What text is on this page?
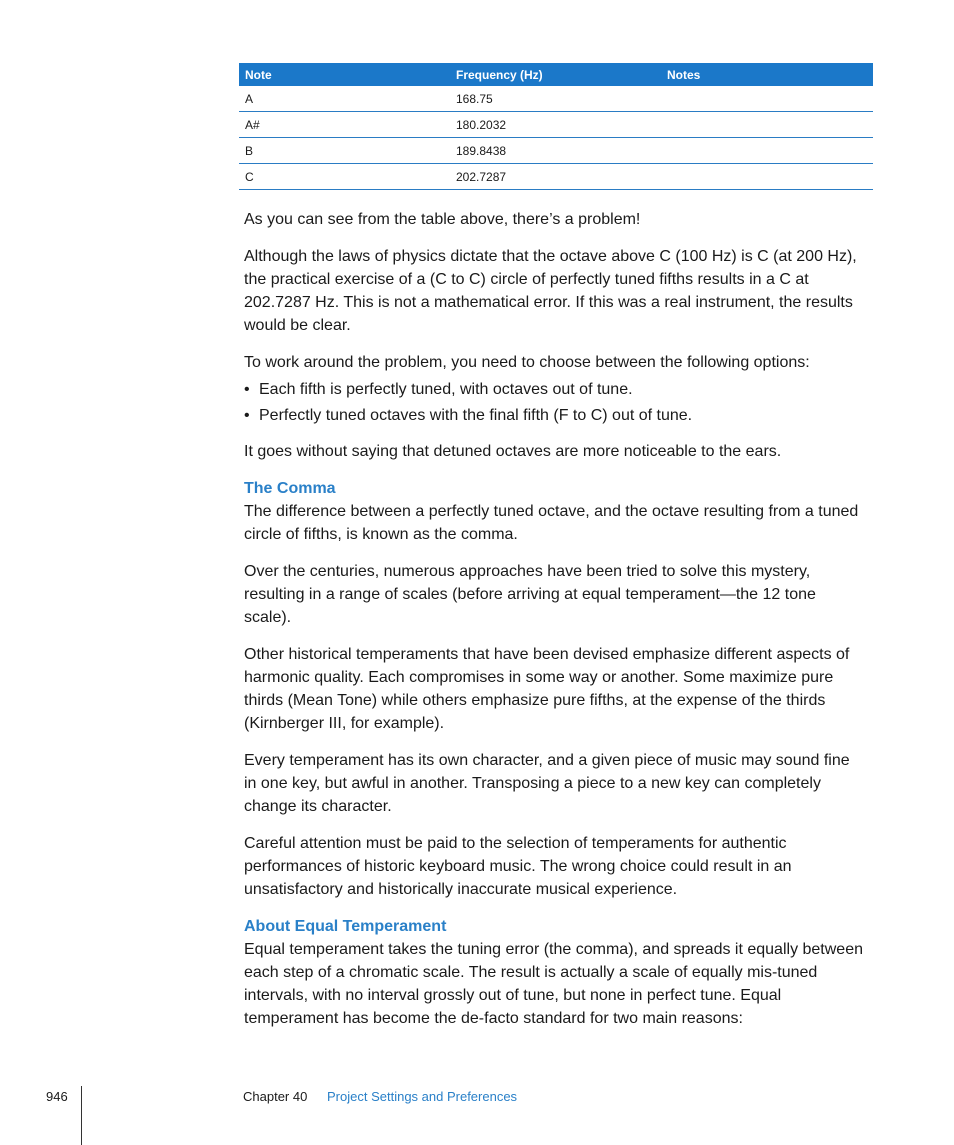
Note	Frequency (Hz)	Notes
A	168.75	
A#	180.2032	
B	189.8438	
C	202.7287	

As you can see from the table above, there’s a problem!

Although the laws of physics dictate that the octave above C (100 Hz) is C (at 200 Hz), the practical exercise of a (C to C) circle of perfectly tuned fifths results in a C at 202.7287 Hz. This is not a mathematical error. If this was a real instrument, the results would be clear.

To work around the problem, you need to choose between the following options:

• Each fifth is perfectly tuned, with octaves out of tune.
• Perfectly tuned octaves with the final fifth (F to C) out of tune.

It goes without saying that detuned octaves are more noticeable to the ears.

The Comma

The difference between a perfectly tuned octave, and the octave resulting from a tuned circle of fifths, is known as the comma.

Over the centuries, numerous approaches have been tried to solve this mystery, resulting in a range of scales (before arriving at equal temperament—the 12 tone scale).

Other historical temperaments that have been devised emphasize different aspects of harmonic quality. Each compromises in some way or another. Some maximize pure thirds (Mean Tone) while others emphasize pure fifths, at the expense of the thirds (Kirnberger III, for example).

Every temperament has its own character, and a given piece of music may sound fine in one key, but awful in another. Transposing a piece to a new key can completely change its character.

Careful attention must be paid to the selection of temperaments for authentic performances of historic keyboard music. The wrong choice could result in an unsatisfactory and historically inaccurate musical experience.

About Equal Temperament

Equal temperament takes the tuning error (the comma), and spreads it equally between each step of a chromatic scale. The result is actually a scale of equally mis-tuned intervals, with no interval grossly out of tune, but none in perfect tune. Equal temperament has become the de-facto standard for two main reasons:

946	Chapter 40 Project Settings and Preferences
